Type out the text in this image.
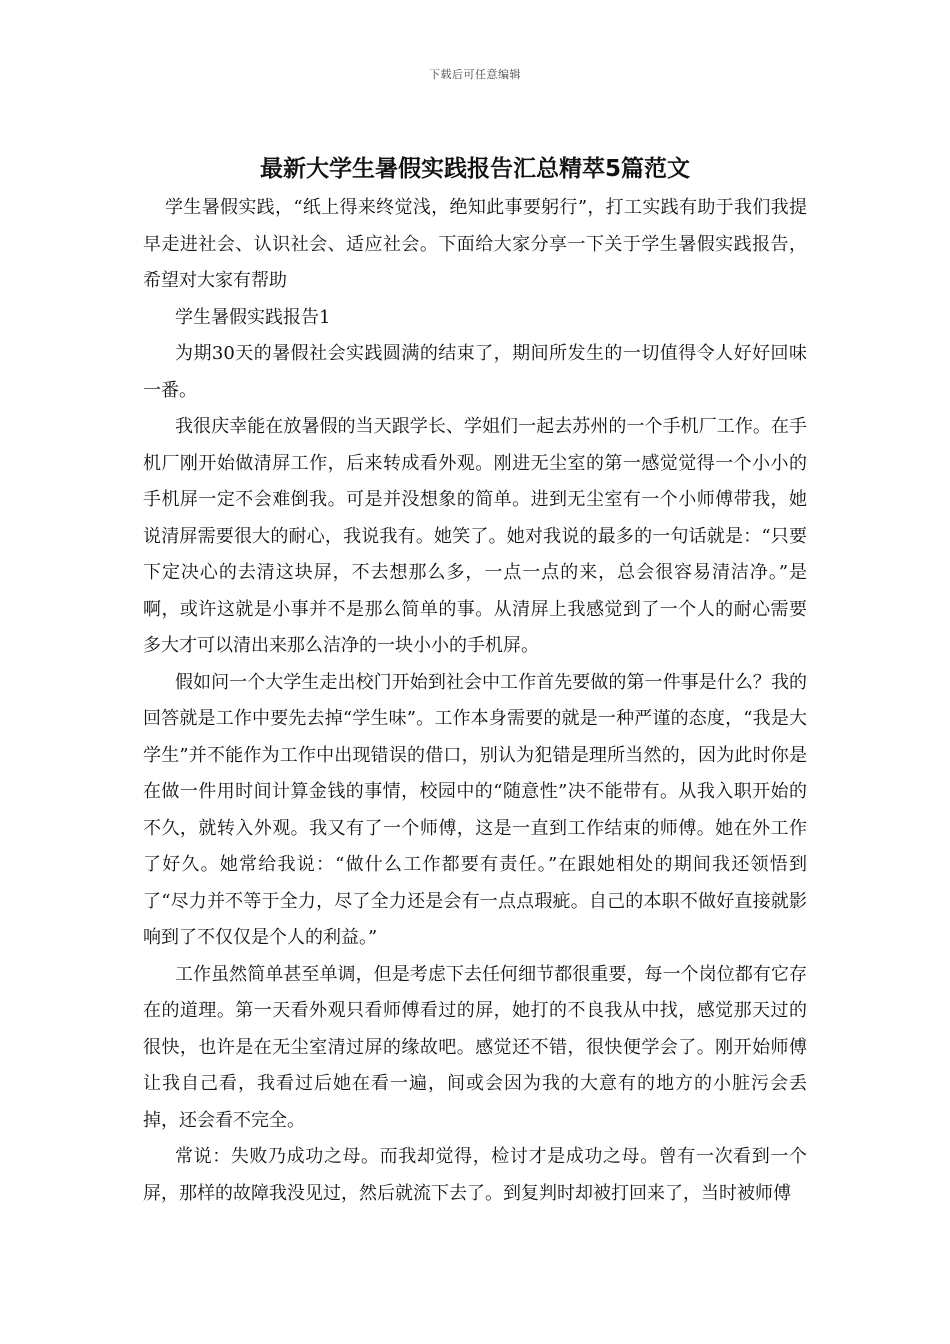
下载后可任意编辑
最新大学生暑假实践报告汇总精萃5篇范文

学生暑假实践，“纸上得来终觉浅，绝知此事要躬行”，打工实践有助于我们我提早走进社会、认识社会、适应社会。下面给大家分享一下关于学生暑假实践报告，希望对大家有帮助

学生暑假实践报告1

为期30天的暑假社会实践圆满的结束了，期间所发生的一切值得令人好好回味一番。

我很庆幸能在放暑假的当天跟学长、学姐们一起去苏州的一个手机厂工作。在手机厂刚开始做清屏工作，后来转成看外观。刚进无尘室的第一感觉觉得一个小小的手机屏一定不会难倒我。可是并没想象的简单。进到无尘室有一个小师傅带我，她说清屏需要很大的耐心，我说我有。她笑了。她对我说的最多的一句话就是：“只要下定决心的去清这块屏，不去想那么多，一点一点的来，总会很容易清洁净。”是啊，或许这就是小事并不是那么简单的事。从清屏上我感觉到了一个人的耐心需要多大才可以清出来那么洁净的一块小小的手机屏。

假如问一个大学生走出校门开始到社会中工作首先要做的第一件事是什么？我的回答就是工作中要先去掉“学生味”。工作本身需要的就是一种严谨的态度，“我是大学生”并不能作为工作中出现错误的借口，别认为犯错是理所当然的，因为此时你是在做一件用时间计算金钱的事情，校园中的“随意性”决不能带有。从我入职开始的不久，就转入外观。我又有了一个师傅，这是一直到工作结束的师傅。她在外工作了好久。她常给我说：“做什么工作都要有责任。”在跟她相处的期间我还领悟到了“尽力并不等于全力，尽了全力还是会有一点点瑕疵。自己的本职不做好直接就影响到了不仅仅是个人的利益。”

工作虽然简单甚至单调，但是考虑下去任何细节都很重要，每一个岗位都有它存在的道理。第一天看外观只看师傅看过的屏，她打的不良我从中找，感觉那天过的很快，也许是在无尘室清过屏的缘故吧。感觉还不错，很快便学会了。刚开始师傅让我自己看，我看过后她在看一遍，间或会因为我的大意有的地方的小脏污会丢掉，还会看不完全。

常说：失败乃成功之母。而我却觉得，检讨才是成功之母。曾有一次看到一个屏，那样的故障我没见过，然后就流下去了。到复判时却被打回来了，当时被师傅
